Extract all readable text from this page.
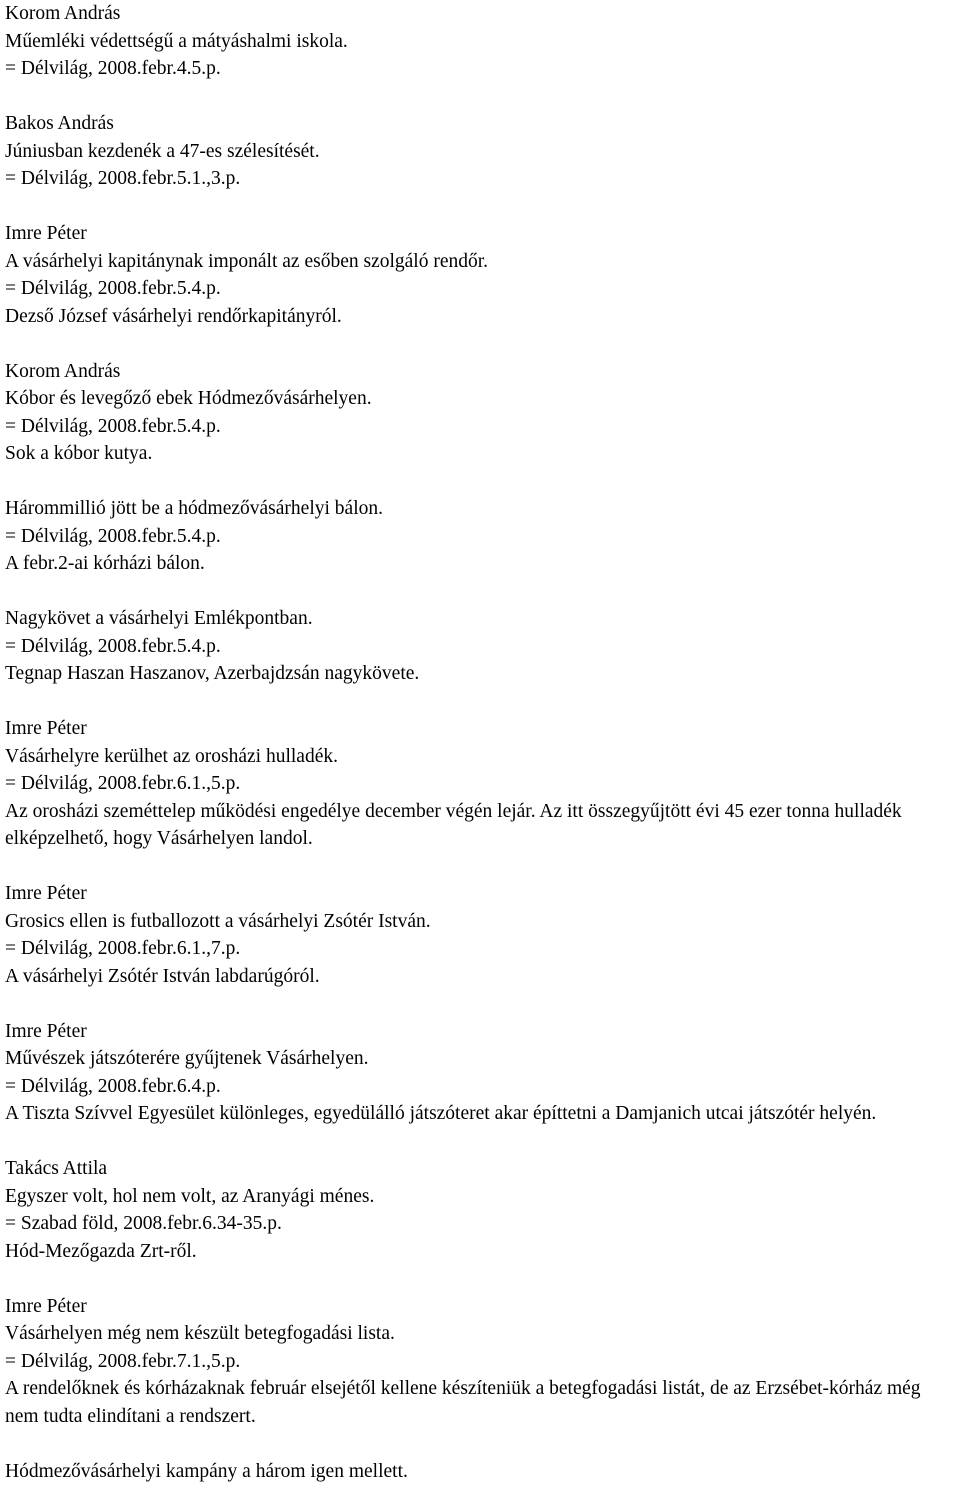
Korom András
Műemléki védettségű a mátyáshalmi iskola.
= Délvilág, 2008.febr.4.5.p.
Bakos András
Júniusban kezdenék a 47-es szélesítését.
= Délvilág, 2008.febr.5.1.,3.p.
Imre Péter
A vásárhelyi kapitánynak imponált az esőben szolgáló rendőr.
= Délvilág, 2008.febr.5.4.p.
Dezső József vásárhelyi rendőrkapitányról.
Korom András
Kóbor és levegőző ebek Hódmezővásárhelyen.
= Délvilág, 2008.febr.5.4.p.
Sok a kóbor kutya.
Hárommillió jött be a hódmezővásárhelyi bálon.
= Délvilág, 2008.febr.5.4.p.
A febr.2-ai kórházi bálon.
Nagykövet a vásárhelyi Emlékpontban.
= Délvilág, 2008.febr.5.4.p.
Tegnap Haszan Haszanov, Azerbajdzsán nagykövete.
Imre Péter
Vásárhelyre kerülhet az orosházi hulladék.
= Délvilág, 2008.febr.6.1.,5.p.
Az orosházi szeméttelep működési engedélye december végén lejár. Az itt összegyűjtött évi 45 ezer tonna hulladék elképzelhető, hogy Vásárhelyen landol.
Imre Péter
Grosics ellen is futballozott a vásárhelyi Zsótér István.
= Délvilág, 2008.febr.6.1.,7.p.
A vásárhelyi Zsótér István labdarúgóról.
Imre Péter
Művészek játszóterére gyűjtenek Vásárhelyen.
= Délvilág, 2008.febr.6.4.p.
A Tiszta Szívvel Egyesület különleges, egyedülálló játszóteret akar építtetni a Damjanich utcai játszótér helyén.
Takács Attila
Egyszer volt, hol nem volt, az Aranyági ménes.
= Szabad föld, 2008.febr.6.34-35.p.
Hód-Mezőgazda Zrt-ről.
Imre Péter
Vásárhelyen még nem készült betegfogadási lista.
= Délvilág, 2008.febr.7.1.,5.p.
A rendelőknek és kórházaknak február elsejétől kellene készíteniük a betegfogadási listát, de az Erzsébet-kórház még nem tudta elindítani a rendszert.
Hódmezővásárhelyi kampány a három igen mellett.
